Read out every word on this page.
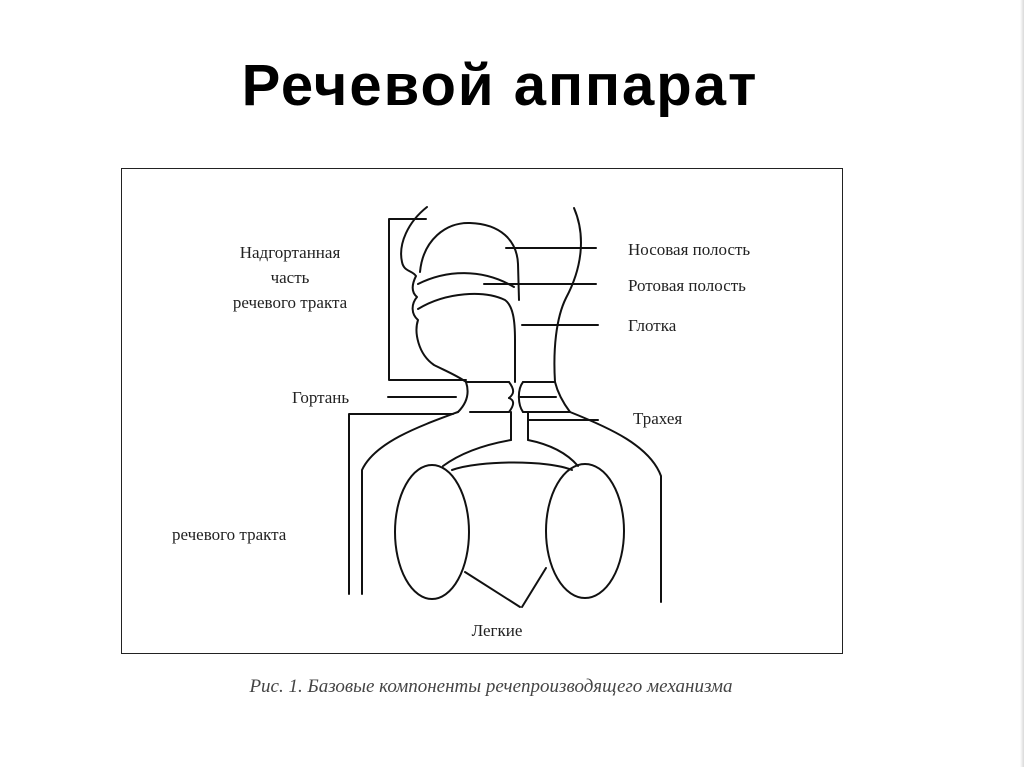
Речевой аппарат
Надгортанная
часть
речевого тракта
Носовая полость
Ротовая полость
Глотка
Гортань
Трахея
речевого тракта
Легкие
Рис. 1. Базовые компоненты речепроизводящего механизма
